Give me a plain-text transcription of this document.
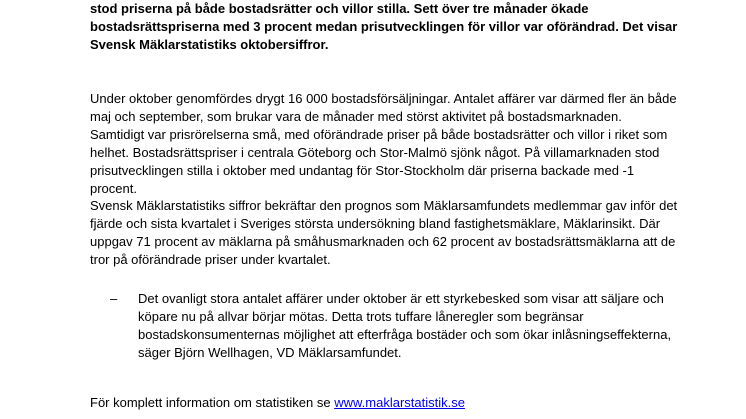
stod priserna på både bostadsrätter och villor stilla. Sett över tre månader ökade
bostadsrättspriserna med 3 procent medan prisutvecklingen för villor var oförändrad. Det visar
Svensk Mäklarstatistiks oktobersiffror.
Under oktober genomfördes drygt 16 000 bostadsförsäljningar. Antalet affärer var därmed fler än både
maj och september, som brukar vara de månader med störst aktivitet på bostadsmarknaden.
Samtidigt var prisrörelserna små, med oförändrade priser på både bostadsrätter och villor i riket som
helhet. Bostadsrättspriser i centrala Göteborg och Stor-Malmö sjönk något. På villamarknaden stod
prisutvecklingen stilla i oktober med undantag för Stor-Stockholm där priserna backade med -1
procent.
Svensk Mäklarstatistiks siffror bekräftar den prognos som Mäklarsamfundets medlemmar gav inför det
fjärde och sista kvartalet i Sveriges största undersökning bland fastighetsmäklare, Mäklarinsikt. Där
uppgav 71 procent av mäklarna på småhusmarknaden och 62 procent av bostadsrättsmäklarna att de
tror på oförändrade priser under kvartalet.
– Det ovanligt stora antalet affärer under oktober är ett styrkebesked som visar att säljare och
köpare nu på allvar börjar mötas. Detta trots tuffare låneregler som begränsar
bostadskonsumenternas möjlighet att efterfråga bostäder och som ökar inlåsningseffekterna,
säger Björn Wellhagen, VD Mäklarsamfundet.
För komplett information om statistiken se www.maklarstatistik.se
